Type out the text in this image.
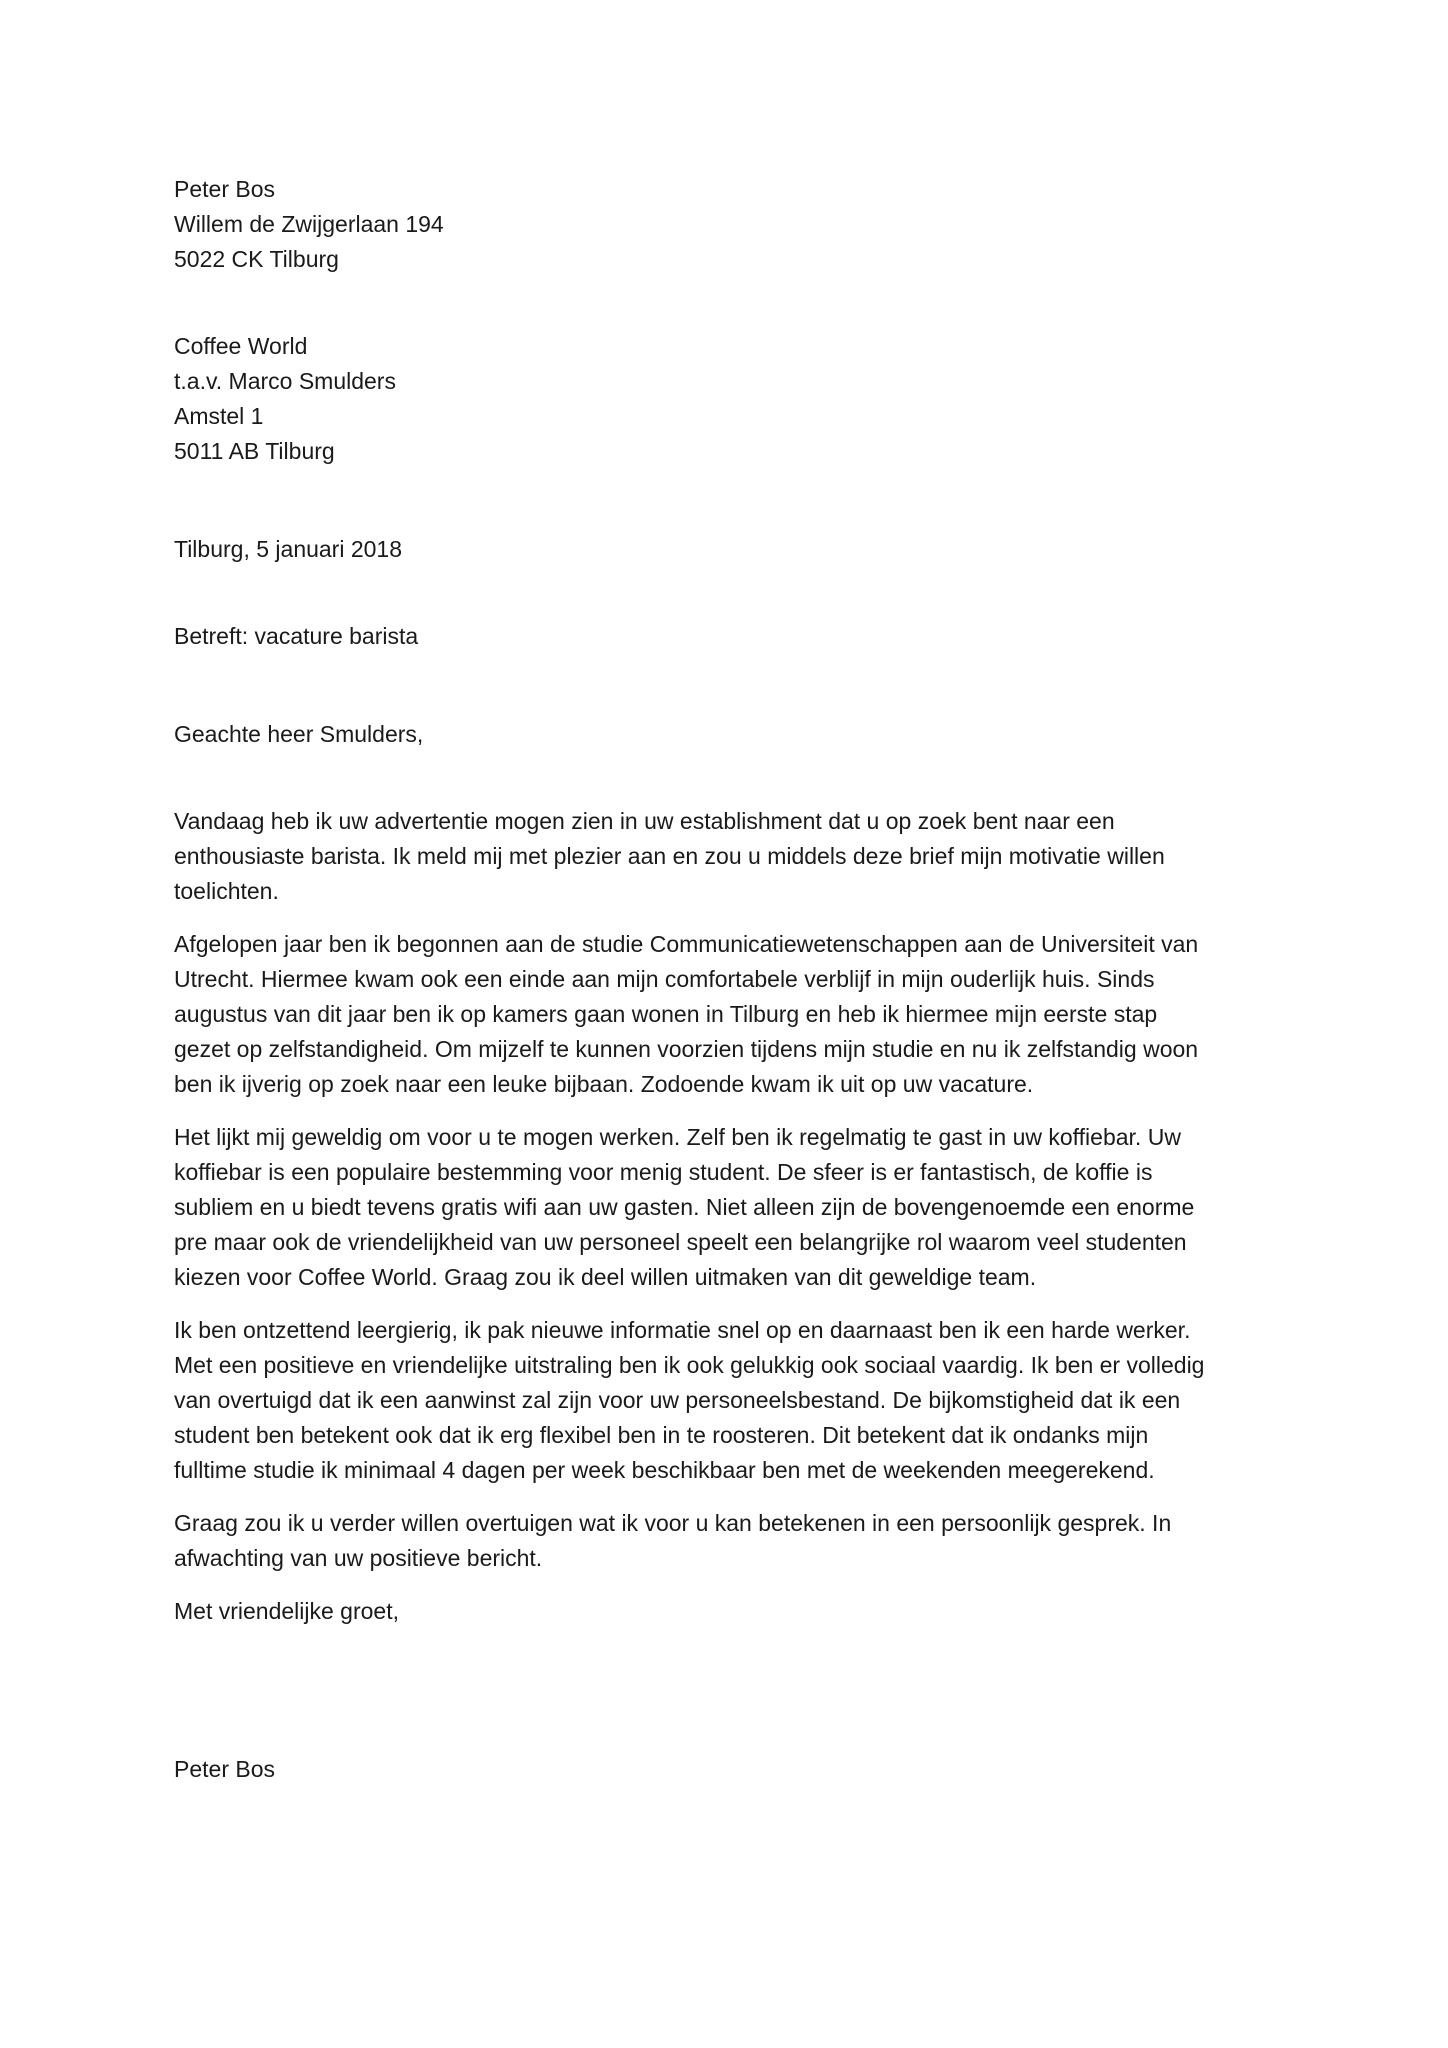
Peter Bos
Willem de Zwijgerlaan 194
5022 CK Tilburg
Coffee World
t.a.v. Marco Smulders
Amstel 1
5011 AB Tilburg
Tilburg, 5 januari 2018
Betreft: vacature barista
Geachte heer Smulders,
Vandaag heb ik uw advertentie mogen zien in uw establishment dat u op zoek bent naar een
enthousiaste barista. Ik meld mij met plezier aan en zou u middels deze brief mijn motivatie willen
toelichten.
Afgelopen jaar ben ik begonnen aan de studie Communicatiewetenschappen aan de Universiteit van
Utrecht. Hiermee kwam ook een einde aan mijn comfortabele verblijf in mijn ouderlijk huis. Sinds
augustus van dit jaar ben ik op kamers gaan wonen in Tilburg en heb ik hiermee mijn eerste stap
gezet op zelfstandigheid. Om mijzelf te kunnen voorzien tijdens mijn studie en nu ik zelfstandig woon
ben ik ijverig op zoek naar een leuke bijbaan. Zodoende kwam ik uit op uw vacature.
Het lijkt mij geweldig om voor u te mogen werken. Zelf ben ik regelmatig te gast in uw koffiebar. Uw
koffiebar is een populaire bestemming voor menig student. De sfeer is er fantastisch, de koffie is
subliem en u biedt tevens gratis wifi aan uw gasten. Niet alleen zijn de bovengenoemde een enorme
pre maar ook de vriendelijkheid van uw personeel speelt een belangrijke rol waarom veel studenten
kiezen voor Coffee World. Graag zou ik deel willen uitmaken van dit geweldige team.
Ik ben ontzettend leergierig, ik pak nieuwe informatie snel op en daarnaast ben ik een harde werker.
Met een positieve en vriendelijke uitstraling ben ik ook gelukkig ook sociaal vaardig. Ik ben er volledig
van overtuigd dat ik een aanwinst zal zijn voor uw personeelsbestand. De bijkomstigheid dat ik een
student ben betekent ook dat ik erg flexibel ben in te roosteren. Dit betekent dat ik ondanks mijn
fulltime studie ik minimaal 4 dagen per week beschikbaar ben met de weekenden meegerekend.
Graag zou ik u verder willen overtuigen wat ik voor u kan betekenen in een persoonlijk gesprek. In
afwachting van uw positieve bericht.
Met vriendelijke groet,
Peter Bos
